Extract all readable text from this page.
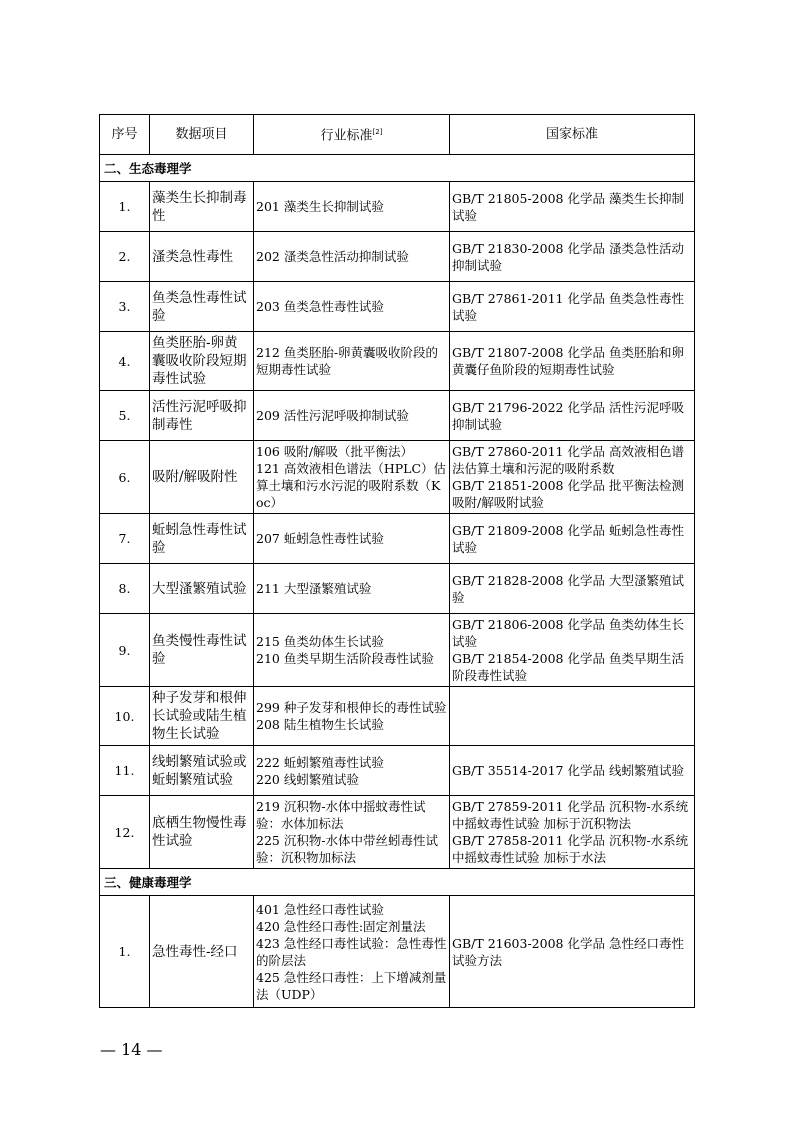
序号	数据项目	行业标准[2]	国家标准
二、生态毒理学			
1.	藻类生长抑制毒性	201 藻类生长抑制试验	GB/T 21805-2008 化学品 藻类生长抑制试验

2.	溞类急性毒性	202 溞类急性活动抑制试验	GB/T 21830-2008 化学品 溞类急性活动抑制试验

3.	鱼类急性毒性试验	203 鱼类急性毒性试验	GB/T 27861-2011 化学品 鱼类急性毒性试验

4.	鱼类胚胎-卵黄囊吸收阶段短期毒性试验	212 鱼类胚胎-卵黄囊吸收阶段的短期毒性试验	GB/T 21807-2008 化学品 鱼类胚胎和卵黄囊仔鱼阶段的短期毒性试验

5.	活性污泥呼吸抑制毒性	209 活性污泥呼吸抑制试验	GB/T 21796-2022 化学品 活性污泥呼吸抑制试验

6.	吸附/解吸附性	106 吸附/解吸（批平衡法）
121 高效液相色谱法（HPLC）估算土壤和污水污泥的吸附系数（Koc）	GB/T 27860-2011 化学品 高效液相色谱法估算土壤和污泥的吸附系数
GB/T 21851-2008 化学品 批平衡法检测吸附/解吸附试验

7.	蚯蚓急性毒性试验	207 蚯蚓急性毒性试验	GB/T 21809-2008 化学品 蚯蚓急性毒性试验

8.	大型溞繁殖试验	211 大型溞繁殖试验	GB/T 21828-2008 化学品 大型溞繁殖试验

9.	鱼类慢性毒性试验	215 鱼类幼体生长试验
210 鱼类早期生活阶段毒性试验	GB/T 21806-2008 化学品 鱼类幼体生长试验
GB/T 21854-2008 化学品 鱼类早期生活阶段毒性试验

10.	种子发芽和根伸长试验或陆生植物生长试验	299 种子发芽和根伸长的毒性试验
208 陆生植物生长试验	

11.	线蚓繁殖试验或蚯蚓繁殖试验	222 蚯蚓繁殖毒性试验
220 线蚓繁殖试验	GB/T 35514-2017 化学品 线蚓繁殖试验

12.	底栖生物慢性毒性试验	219 沉积物-水体中摇蚊毒性试验：水体加标法
225 沉积物-水体中带丝蚓毒性试验：沉积物加标法	GB/T 27859-2011 化学品 沉积物-水系统中摇蚊毒性试验 加标于沉积物法
GB/T 27858-2011 化学品 沉积物-水系统中摇蚊毒性试验 加标于水法

三、健康毒理学			
1.	急性毒性-经口	401 急性经口毒性试验
420 急性经口毒性:固定剂量法
423 急性经口毒性试验：急性毒性的阶层法
425 急性经口毒性：上下增减剂量法（UDP）	GB/T 21603-2008 化学品 急性经口毒性试验方法
— 14 —
